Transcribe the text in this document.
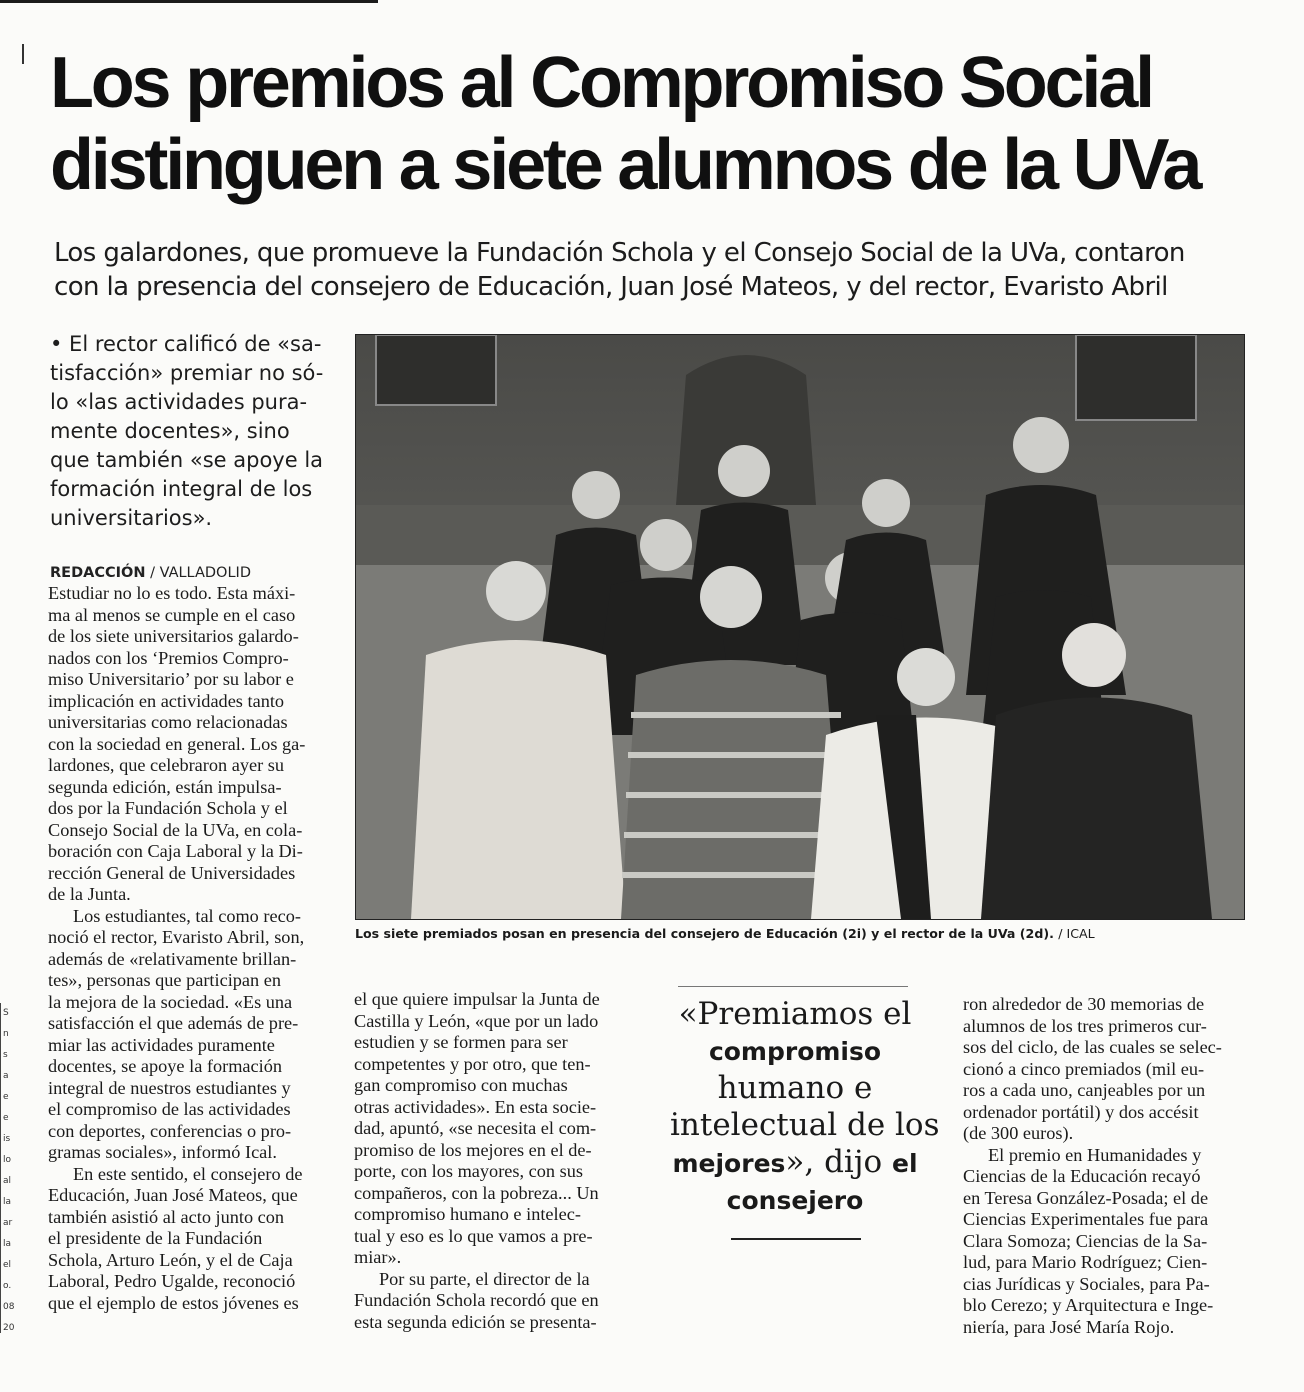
Los premios al Compromiso Social
distinguen a siete alumnos de la UVa
Los galardones, que promueve la Fundación Schola y el Consejo Social de la UVa, contaron
con la presencia del consejero de Educación, Juan José Mateos, y del rector, Evaristo Abril
• El rector calificó de «sa-
tisfacción» premiar no só-
lo «las actividades pura-
mente docentes», sino
que también «se apoye la
formación integral de los
universitarios».
REDACCIÓN / VALLADOLID
Estudiar no lo es todo. Esta máxi-
ma al menos se cumple en el caso
de los siete universitarios galardo-
nados con los ‘Premios Compro-
miso Universitario’ por su labor e
implicación en actividades tanto
universitarias como relacionadas
con la sociedad en general. Los ga-
lardones, que celebraron ayer su
segunda edición, están impulsa-
dos por la Fundación Schola y el
Consejo Social de la UVa, en cola-
boración con Caja Laboral y la Di-
rección General de Universidades
de la Junta.
Los estudiantes, tal como reco-
noció el rector, Evaristo Abril, son,
además de «relativamente brillan-
tes», personas que participan en
la mejora de la sociedad. «Es una
satisfacción el que además de pre-
miar las actividades puramente
docentes, se apoye la formación
integral de nuestros estudiantes y
el compromiso de las actividades
con deportes, conferencias o pro-
gramas sociales», informó Ical.
En este sentido, el consejero de
Educación, Juan José Mateos, que
también asistió al acto junto con
el presidente de la Fundación
Schola, Arturo León, y el de Caja
Laboral, Pedro Ugalde, reconoció
que el ejemplo de estos jóvenes es
Los siete premiados posan en presencia del consejero de Educación (2i) y el rector de la UVa (2d). / ICAL
el que quiere impulsar la Junta de
Castilla y León, «que por un lado
estudien y se formen para ser
competentes y por otro, que ten-
gan compromiso con muchas
otras actividades». En esta socie-
dad, apuntó, «se necesita el com-
promiso de los mejores en el de-
porte, con los mayores, con sus
compañeros, con la pobreza... Un
compromiso humano e intelec-
tual y eso es lo que vamos a pre-
miar».
Por su parte, el director de la
Fundación Schola recordó que en
esta segunda edición se presenta-
«Premiamos el
compromiso
humano e
intelectual de los
mejores», dijo el
consejero
ron alrededor de 30 memorias de
alumnos de los tres primeros cur-
sos del ciclo, de las cuales se selec-
cionó a cinco premiados (mil eu-
ros a cada uno, canjeables por un
ordenador portátil) y dos accésit
(de 300 euros).
El premio en Humanidades y
Ciencias de la Educación recayó
en Teresa González-Posada; el de
Ciencias Experimentales fue para
Clara Somoza; Ciencias de la Sa-
lud, para Mario Rodríguez; Cien-
cias Jurídicas y Sociales, para Pa-
blo Cerezo; y Arquitectura e Inge-
niería, para José María Rojo.
S
n
s
a
e
e
is
lo
al
la
ar
la
el
o.
08
20
